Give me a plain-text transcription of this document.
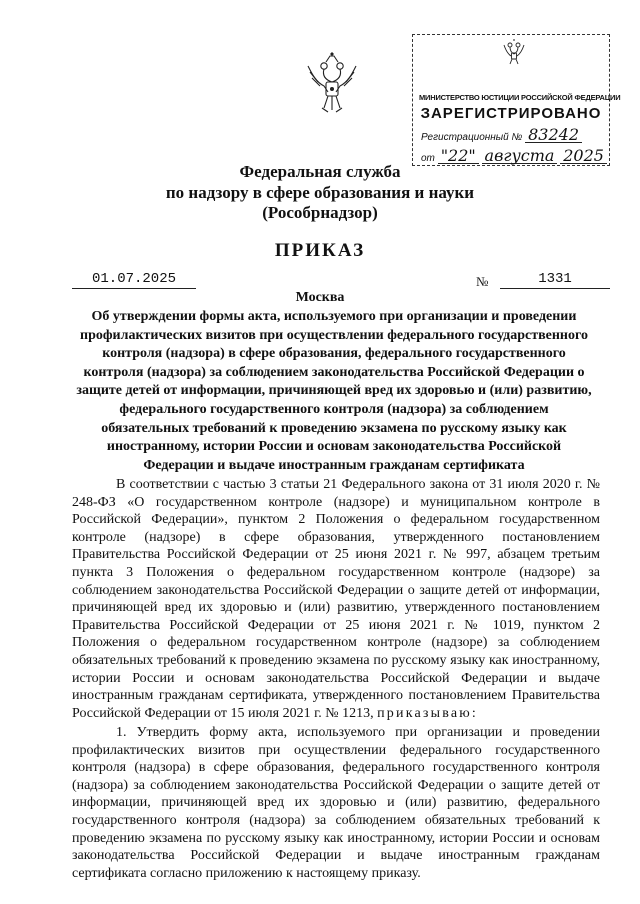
МИНИСТЕРСТВО ЮСТИЦИИ РОССИЙСКОЙ ФЕДЕРАЦИИ
ЗАРЕГИСТРИРОВАНО
Регистрационный № 83242
от "22" августа 2025
Федеральная служба
по надзору в сфере образования и науки
(Рособрнадзор)
ПРИКАЗ
01.07.2025	№	1331
Москва

Об утверждении формы акта, используемого при организации и проведении профилактических визитов при осуществлении федерального государственного контроля (надзора) в сфере образования, федерального государственного контроля (надзора) за соблюдением законодательства Российской Федерации о защите детей от информации, причиняющей вред их здоровью и (или) развитию, федерального государственного контроля (надзора) за соблюдением обязательных требований к проведению экзамена по русскому языку как иностранному, истории России и основам законодательства Российской Федерации и выдаче иностранным гражданам сертификата

В соответствии с частью 3 статьи 21 Федерального закона от 31 июля 2020 г. № 248-ФЗ «О государственном контроле (надзоре) и муниципальном контроле в Российской Федерации», пунктом 2 Положения о федеральном государственном контроле (надзоре) в сфере образования, утвержденного постановлением Правительства Российской Федерации от 25 июня 2021 г. № 997, абзацем третьим пункта 3 Положения о федеральном государственном контроле (надзоре) за соблюдением законодательства Российской Федерации о защите детей от информации, причиняющей вред их здоровью и (или) развитию, утвержденного постановлением Правительства Российской Федерации от 25 июня 2021 г. № 1019, пунктом 2 Положения о федеральном государственном контроле (надзоре) за соблюдением обязательных требований к проведению экзамена по русскому языку как иностранному, истории России и основам законодательства Российской Федерации и выдаче иностранным гражданам сертификата, утвержденного постановлением Правительства Российской Федерации от 15 июля 2021 г. № 1213, приказываю:

1. Утвердить форму акта, используемого при организации и проведении профилактических визитов при осуществлении федерального государственного контроля (надзора) в сфере образования, федерального государственного контроля (надзора) за соблюдением законодательства Российской Федерации о защите детей от информации, причиняющей вред их здоровью и (или) развитию, федерального государственного контроля (надзора) за соблюдением обязательных требований к проведению экзамена по русскому языку как иностранному, истории России и основам законодательства Российской Федерации и выдаче иностранным гражданам сертификата согласно приложению к настоящему приказу.
